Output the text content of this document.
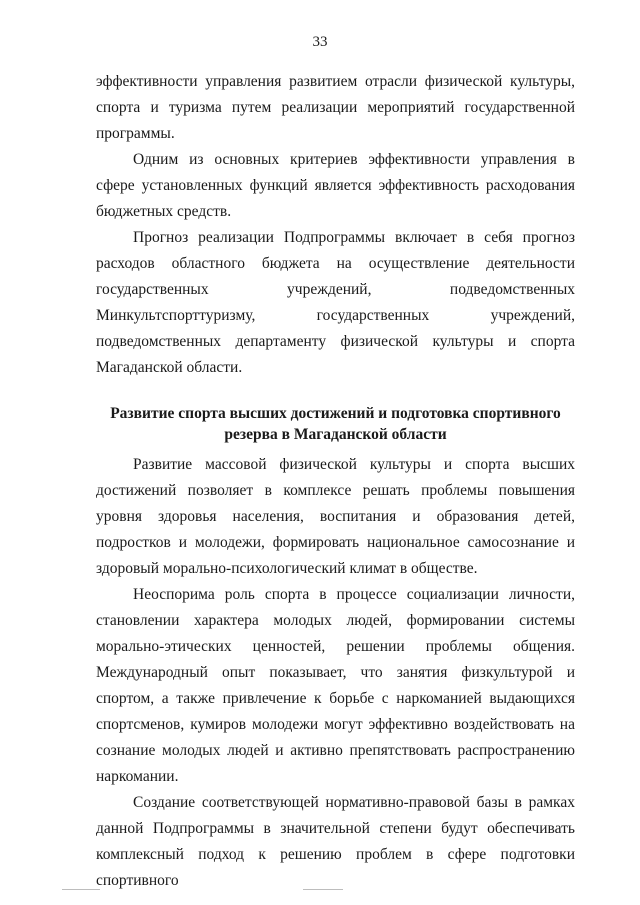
33

эффективности управления развитием отрасли физической культуры, спорта и туризма путем реализации мероприятий государственной программы.

Одним из основных критериев эффективности управления в сфере установленных функций является эффективность расходования бюджетных средств.

Прогноз реализации Подпрограммы включает в себя прогноз расходов областного бюджета на осуществление деятельности государственных учреждений, подведомственных Минкультспорттуризму, государственных учреждений, подведомственных департаменту физической культуры и спорта Магаданской области.

Развитие спорта высших достижений и подготовка спортивного
резерва в Магаданской области

Развитие массовой физической культуры и спорта высших достижений позволяет в комплексе решать проблемы повышения уровня здоровья населения, воспитания и образования детей, подростков и молодежи, формировать национальное самосознание и здоровый морально-психологический климат в обществе.

Неоспорима роль спорта в процессе социализации личности, становлении характера молодых людей, формировании системы морально-этических ценностей, решении проблемы общения. Международный опыт показывает, что занятия физкультурой и спортом, а также привлечение к борьбе с наркоманией выдающихся спортсменов, кумиров молодежи могут эффективно воздействовать на сознание молодых людей и активно препятствовать распространению наркомании.

Создание соответствующей нормативно-правовой базы в рамках данной Подпрограммы в значительной степени будут обеспечивать комплексный подход к решению проблем в сфере подготовки спортивного
